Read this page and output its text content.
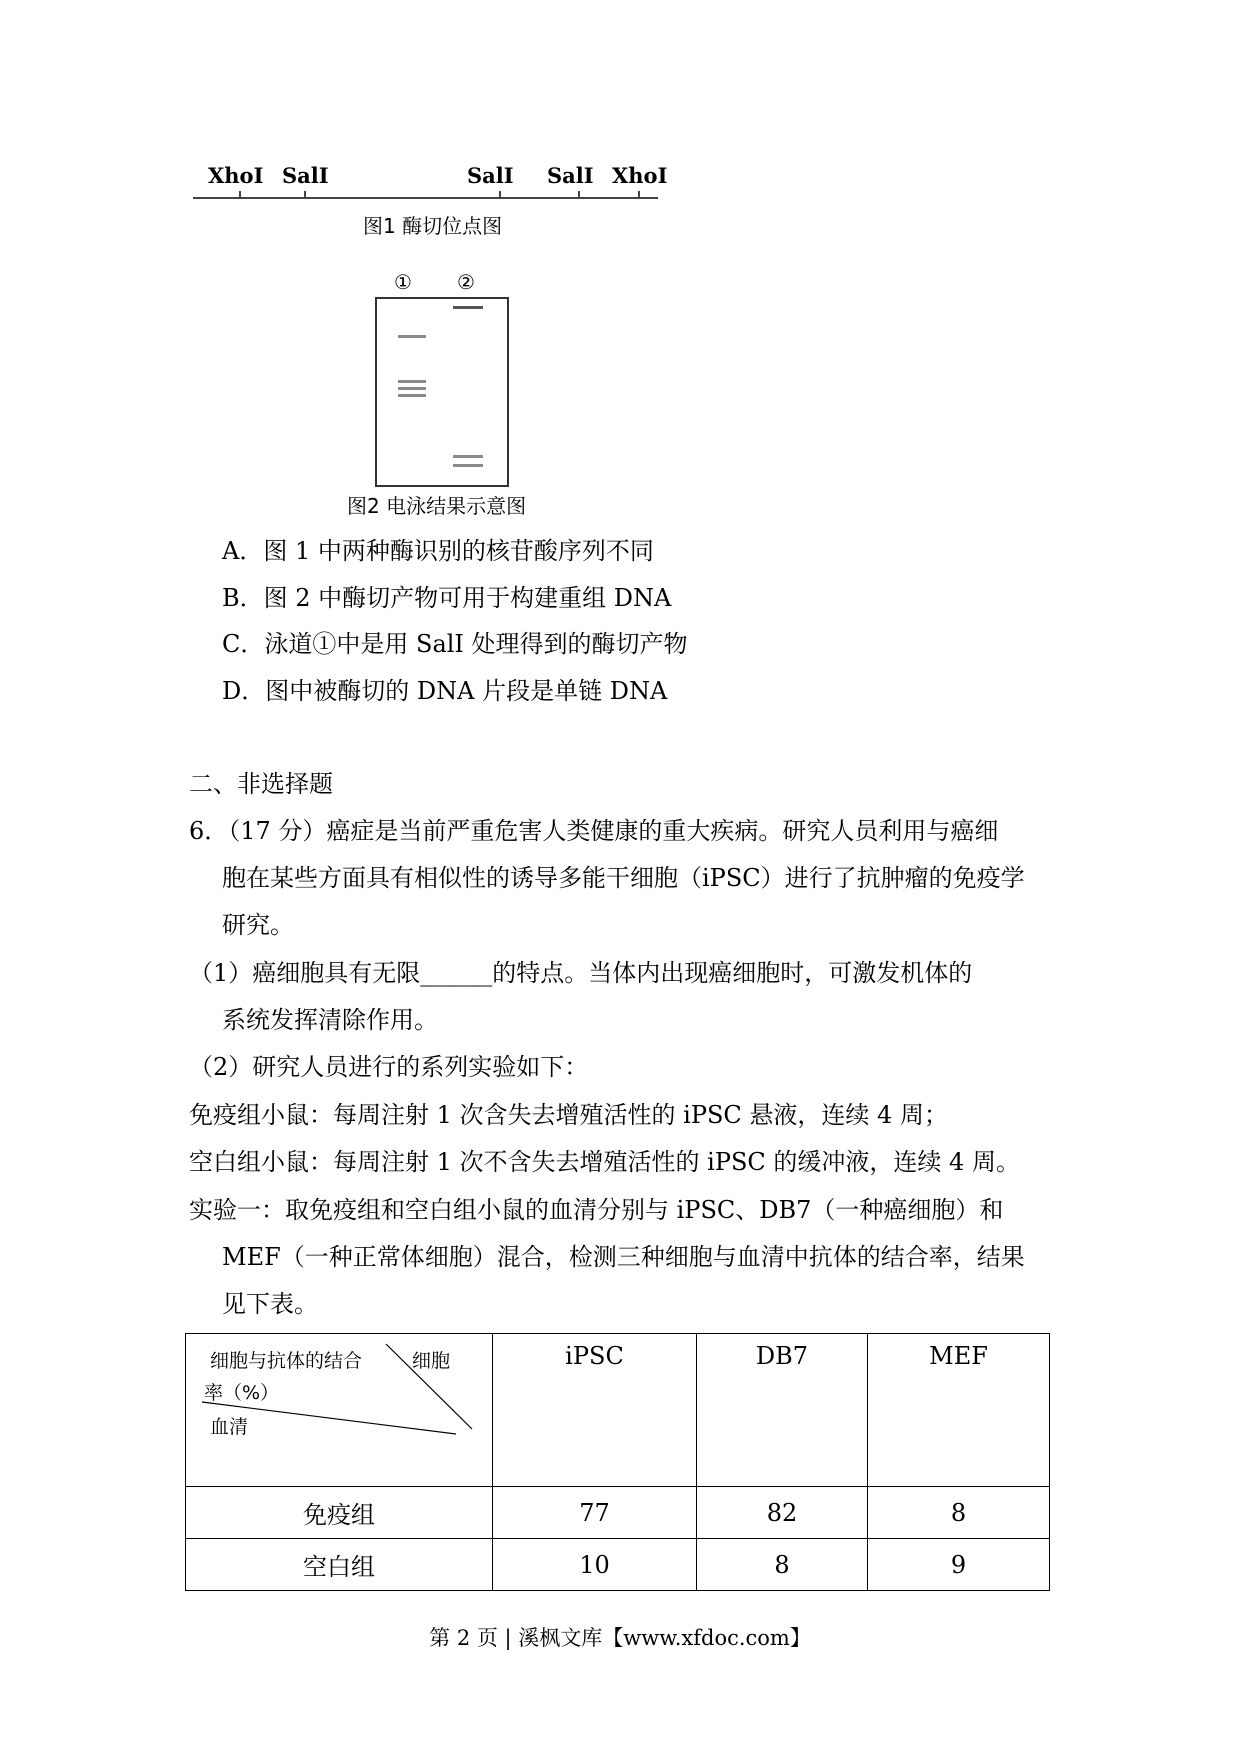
XhoⅠ SalⅠ	SalⅠ SalⅠ XhoⅠ
图1 酶切位点图
① ②
图2 电泳结果示意图
A．图 1 中两种酶识别的核苷酸序列不同
B．图 2 中酶切产物可用于构建重组 DNA
C．泳道①中是用 SalI 处理得到的酶切产物
D．图中被酶切的 DNA 片段是单链 DNA
二、非选择题
6．（17 分）癌症是当前严重危害人类健康的重大疾病。研究人员利用与癌细
胞在某些方面具有相似性的诱导多能干细胞（iPSC）进行了抗肿瘤的免疫学
研究。
（1）癌细胞具有无限______的特点。当体内出现癌细胞时，可激发机体的
系统发挥清除作用。
（2）研究人员进行的系列实验如下：
免疫组小鼠：每周注射 1 次含失去增殖活性的 iPSC 悬液，连续 4 周；
空白组小鼠：每周注射 1 次不含失去增殖活性的 iPSC 的缓冲液，连续 4 周。
实验一：取免疫组和空白组小鼠的血清分别与 iPSC、DB7（一种癌细胞）和
MEF（一种正常体细胞）混合，检测三种细胞与血清中抗体的结合率，结果
见下表。
细胞与抗体的结合 细胞
率（%）
血清	iPSC	DB7	MEF
免疫组	77	82	8
空白组	10	8	9
第 2 页 | 溪枫文库【www.xfdoc.com】
